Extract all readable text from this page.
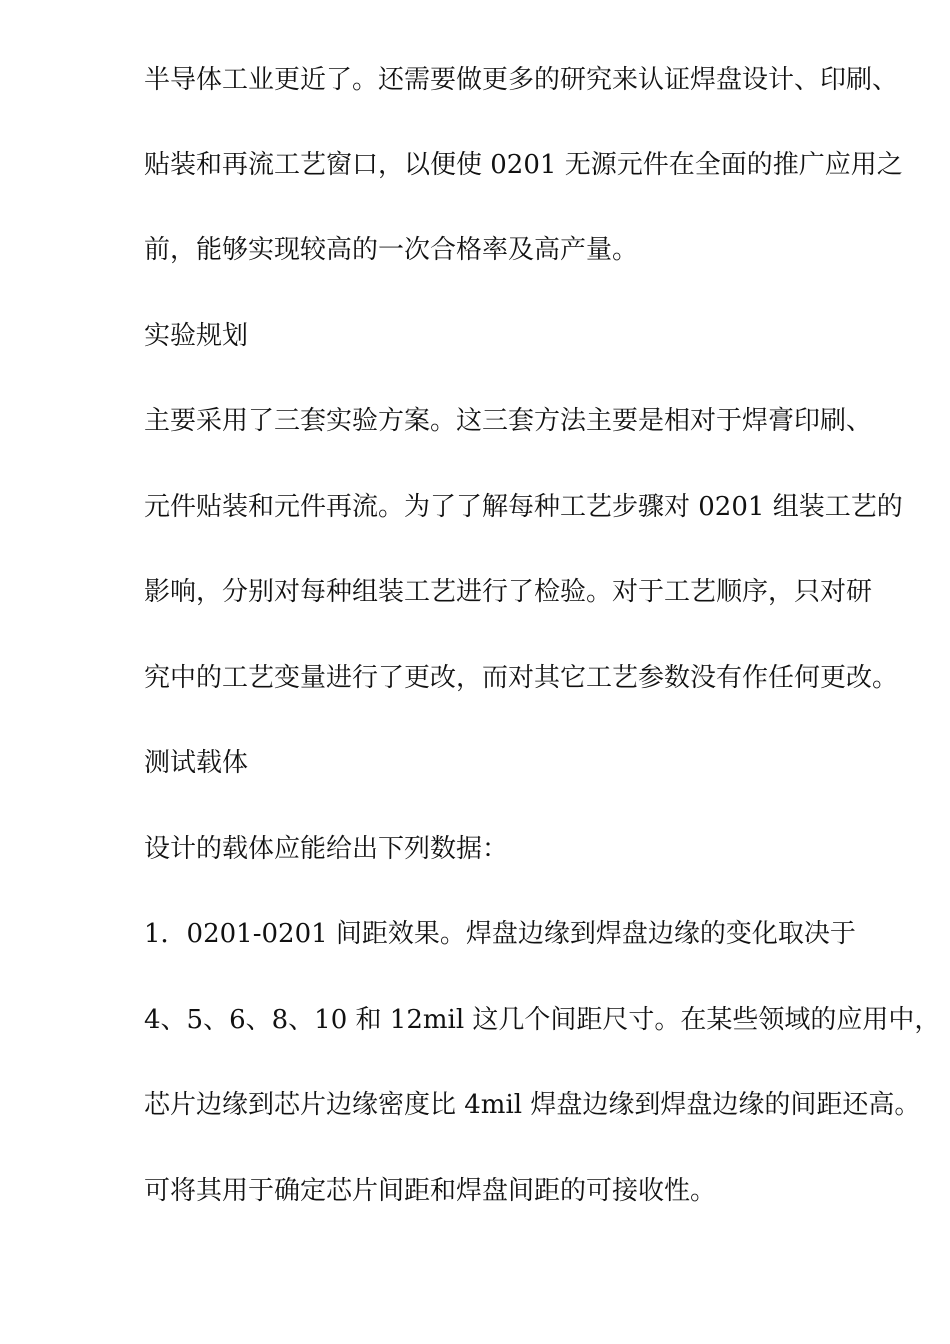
半导体工业更近了。还需要做更多的研究来认证焊盘设计、印刷、
贴装和再流工艺窗口，以便使 0201 无源元件在全面的推广应用之
前，能够实现较高的一次合格率及高产量。
实验规划
主要采用了三套实验方案。这三套方法主要是相对于焊膏印刷、
元件贴装和元件再流。为了了解每种工艺步骤对 0201 组装工艺的
影响，分别对每种组装工艺进行了检验。对于工艺顺序，只对研
究中的工艺变量进行了更改，而对其它工艺参数没有作任何更改。
测试载体
设计的载体应能给出下列数据：
1．0201-0201 间距效果。焊盘边缘到焊盘边缘的变化取决于
4、5、6、8、10 和 12mil 这几个间距尺寸。在某些领域的应用中，
芯片边缘到芯片边缘密度比 4mil 焊盘边缘到焊盘边缘的间距还高。
可将其用于确定芯片间距和焊盘间距的可接收性。
